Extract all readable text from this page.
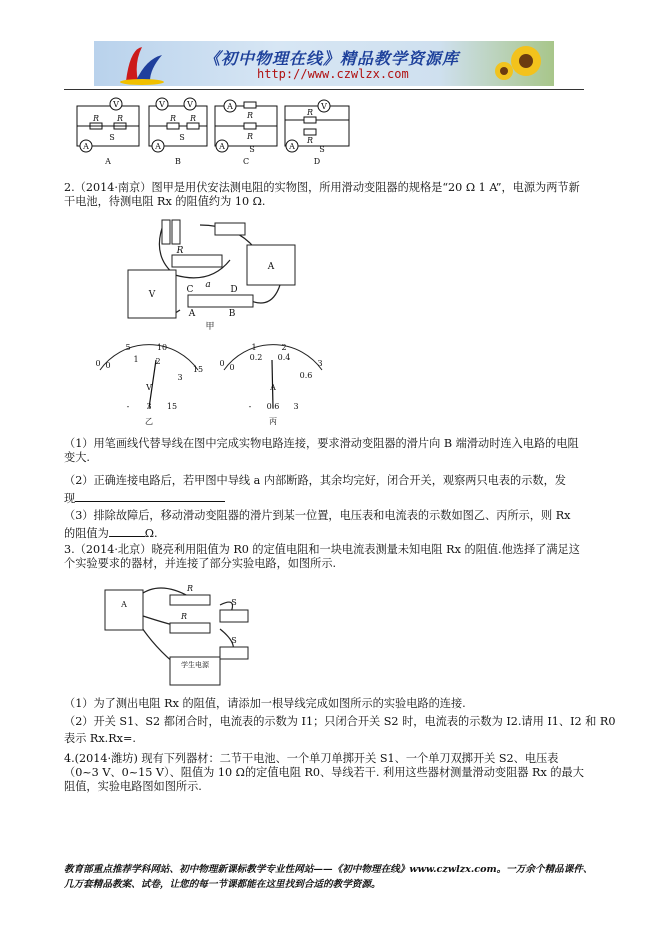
《初中物理在线》精品教学资源库
http://www.czwlzx.com
V
A
V
V
A
A
A
V
A
R R	R R	R
R
R
R
S	S
S	S
A	B	C	D
2.（2014·南京）图甲是用伏安法测电阻的实物图，所用滑动变阻器的规格是“20 Ω 1 A”，电源为两节新干电池，待测电阻 Rx 的阻值约为 10 Ω.
R
a
C	D
A	B
V
A
甲
0
5	10
15
0
1 2
3
V
- 3 15
乙
0
1	2
3
0
0.2 0.4
0.6
A
- 0.6 3
丙
（1）用笔画线代替导线在图中完成实物电路连接，要求滑动变阻器的滑片向 B 端滑动时连入电路的电阻变大.
（2）正确连接电路后，若甲图中导线 a 内部断路，其余均完好，闭合开关，观察两只电表的示数，发
现
（3）排除故障后，移动滑动变阻器的滑片到某一位置，电压表和电流表的示数如图乙、丙所示，则 Rx
的阻值为	Ω.
3.（2014·北京）晓亮利用阻值为 R0 的定值电阻和一块电流表测量未知电阻 Rx 的阻值.他选择了满足这个实验要求的器材，并连接了部分实验电路，如图所示.
A
R
R
S
S
学生电源
（1）为了测出电阻 Rx 的阻值，请添加一根导线完成如图所示的实验电路的连接.
（2）开关 S1、S2 都闭合时，电流表的示数为 I1；只闭合开关 S2 时，电流表的示数为 I2.请用 I1、I2 和 R0
表示 Rx.Rx=.
4.(2014·潍坊) 现有下列器材：二节干电池、一个单刀单掷开关 S1、一个单刀双掷开关 S2、电压表（0~3 V、0~15 V）、阻值为 10 Ω的定值电阻 R0、导线若干. 利用这些器材测量滑动变阻器 Rx 的最大阻值，实验电路图如图所示.
教育部重点推荐学科网站、初中物理新课标教学专业性网站——《初中物理在线》www.czwlzx.com。一万余个精品课件、
几万套精品教案、试卷，让您的每一节课都能在这里找到合适的教学资源。
